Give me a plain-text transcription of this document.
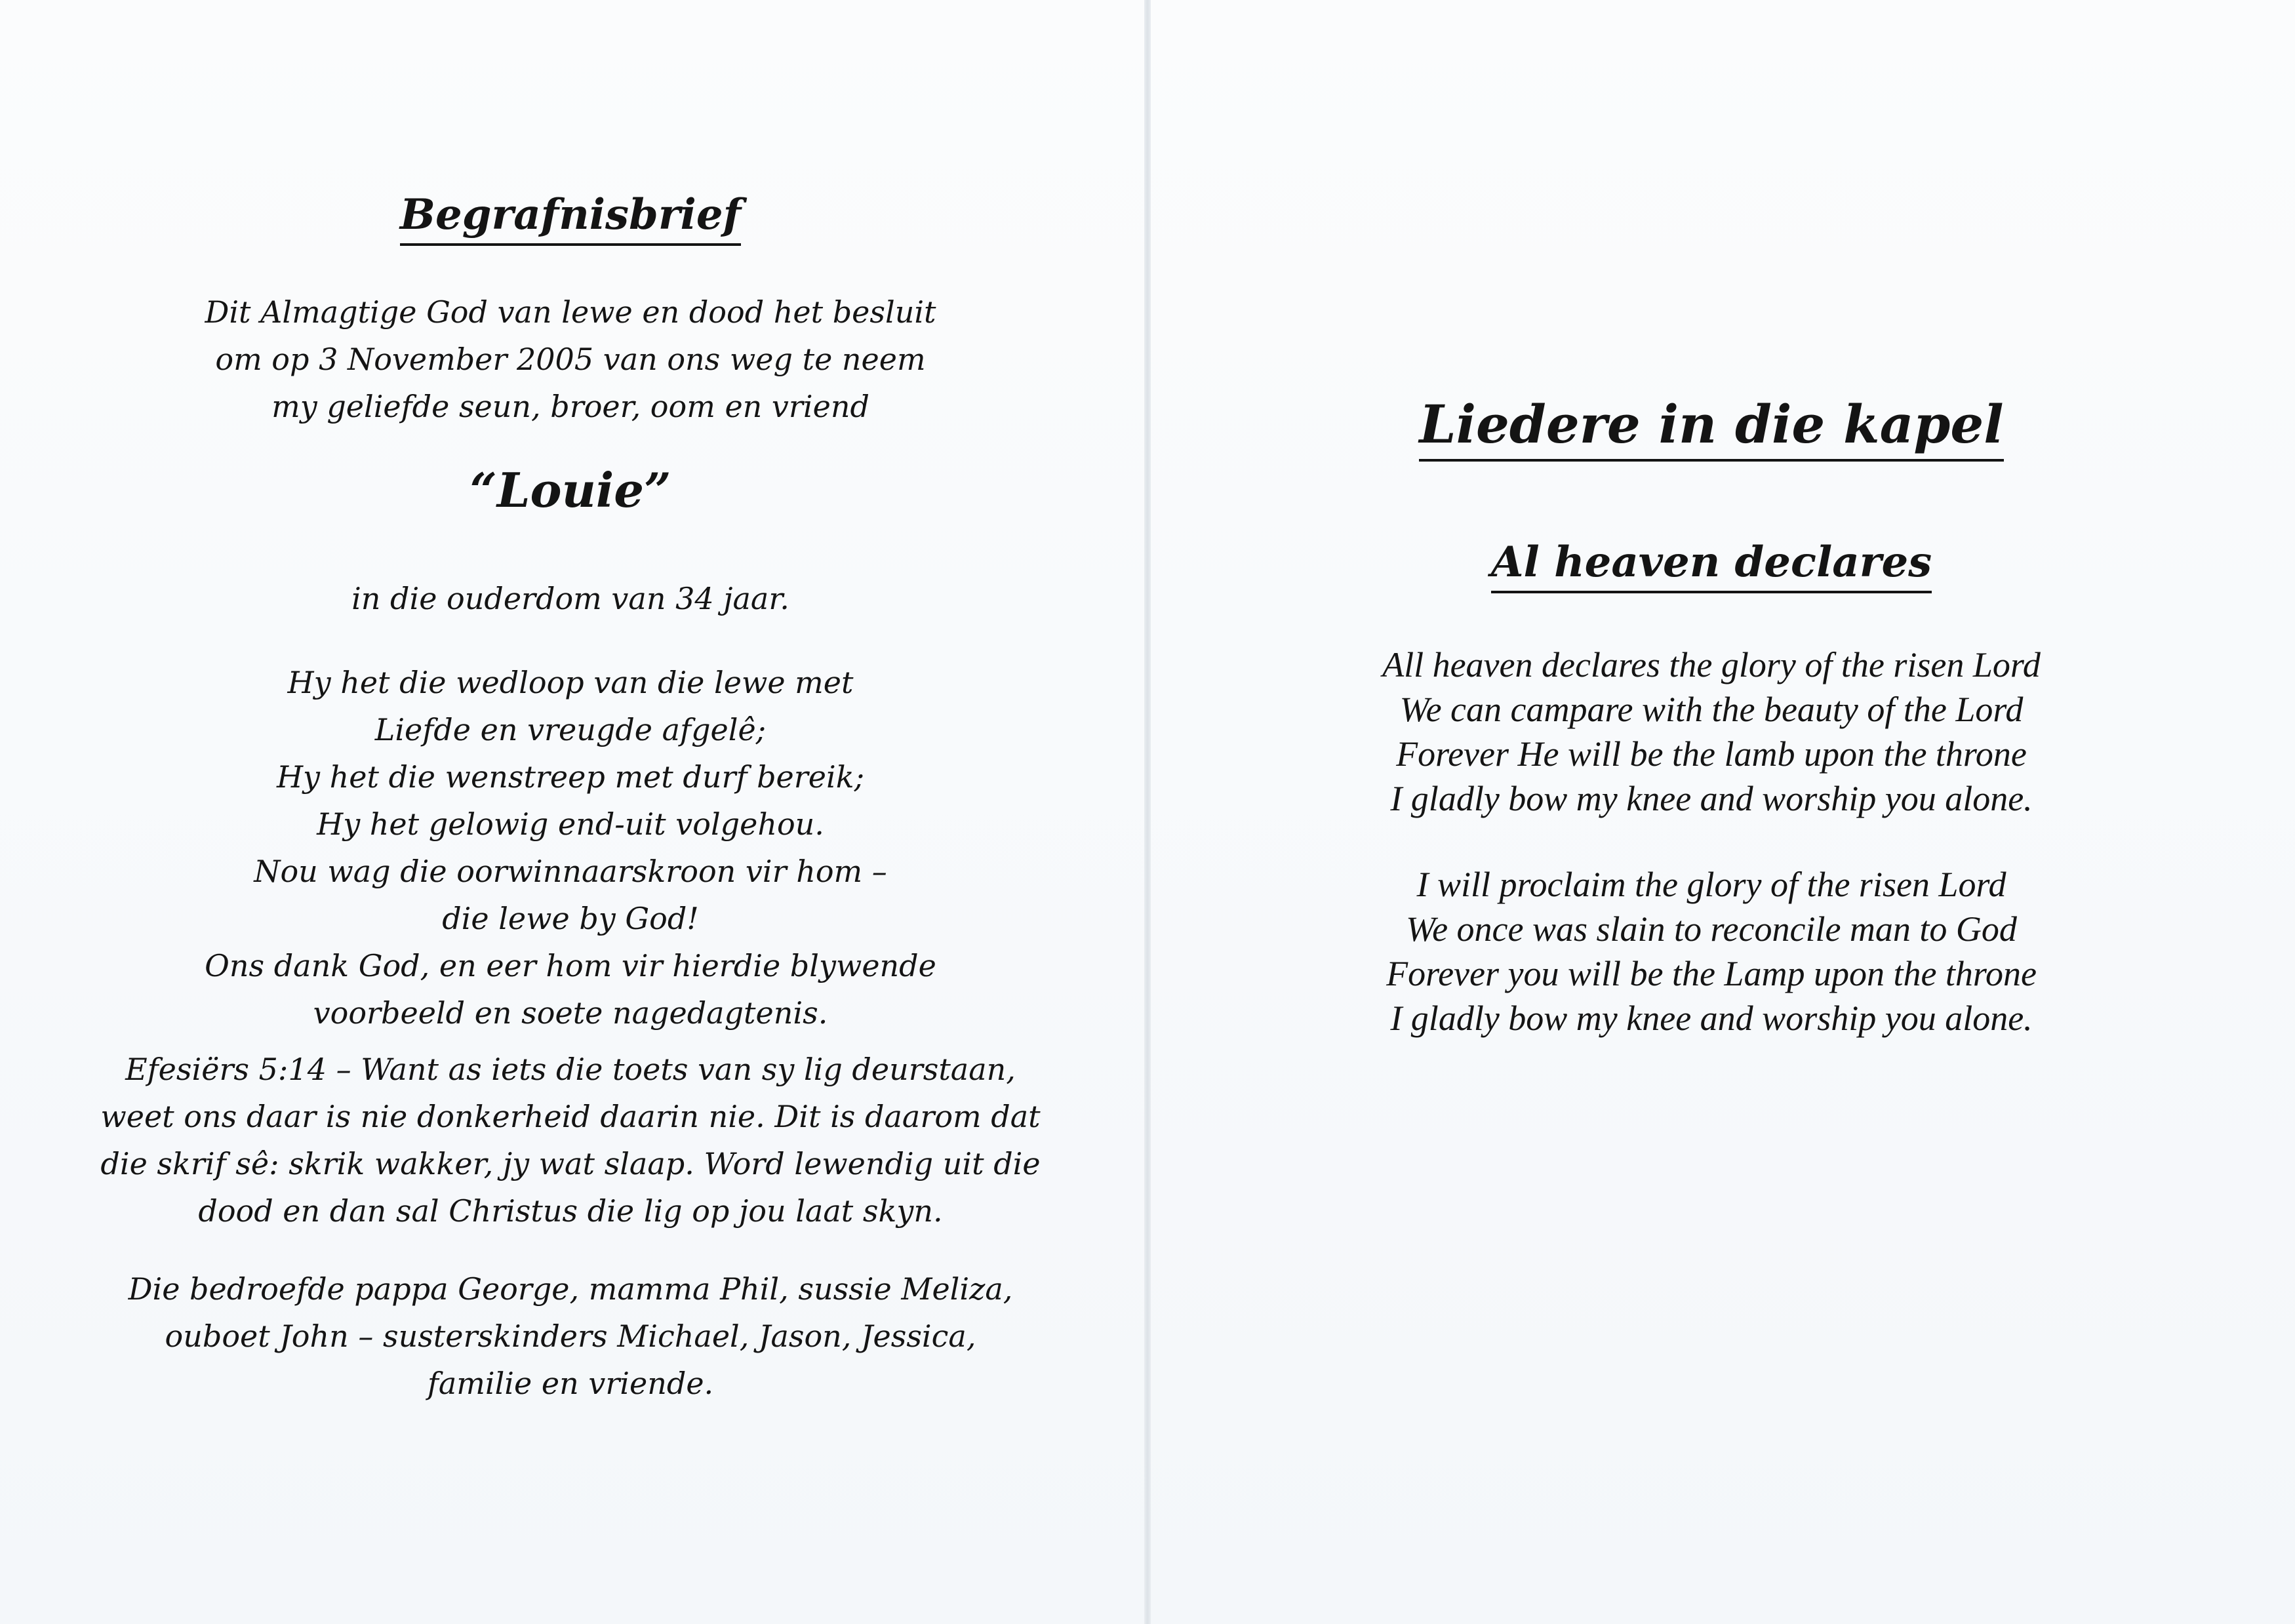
Begrafnisbrief
Dit Almagtige God van lewe en dood het besluit
om op 3 November 2005 van ons weg te neem
my geliefde seun, broer, oom en vriend
“Louie”
in die ouderdom van 34 jaar.
Hy het die wedloop van die lewe met
Liefde en vreugde afgelê;
Hy het die wenstreep met durf bereik;
Hy het gelowig end-uit volgehou.
Nou wag die oorwinnaarskroon vir hom –
die lewe by God!
Ons dank God, en eer hom vir hierdie blywende
voorbeeld en soete nagedagtenis.
Efesiërs 5:14 – Want as iets die toets van sy lig deurstaan,
weet ons daar is nie donkerheid daarin nie. Dit is daarom dat
die skrif sê: skrik wakker, jy wat slaap. Word lewendig uit die
dood en dan sal Christus die lig op jou laat skyn.
Die bedroefde pappa George, mamma Phil, sussie Meliza,
ouboet John – susterskinders Michael, Jason, Jessica,
familie en vriende.
Liedere in die kapel
Al heaven declares
All heaven declares the glory of the risen Lord
We can campare with the beauty of the Lord
Forever He will be the lamb upon the throne
I gladly bow my knee and worship you alone.
I will proclaim the glory of the risen Lord
We once was slain to reconcile man to God
Forever you will be the Lamp upon the throne
I gladly bow my knee and worship you alone.
